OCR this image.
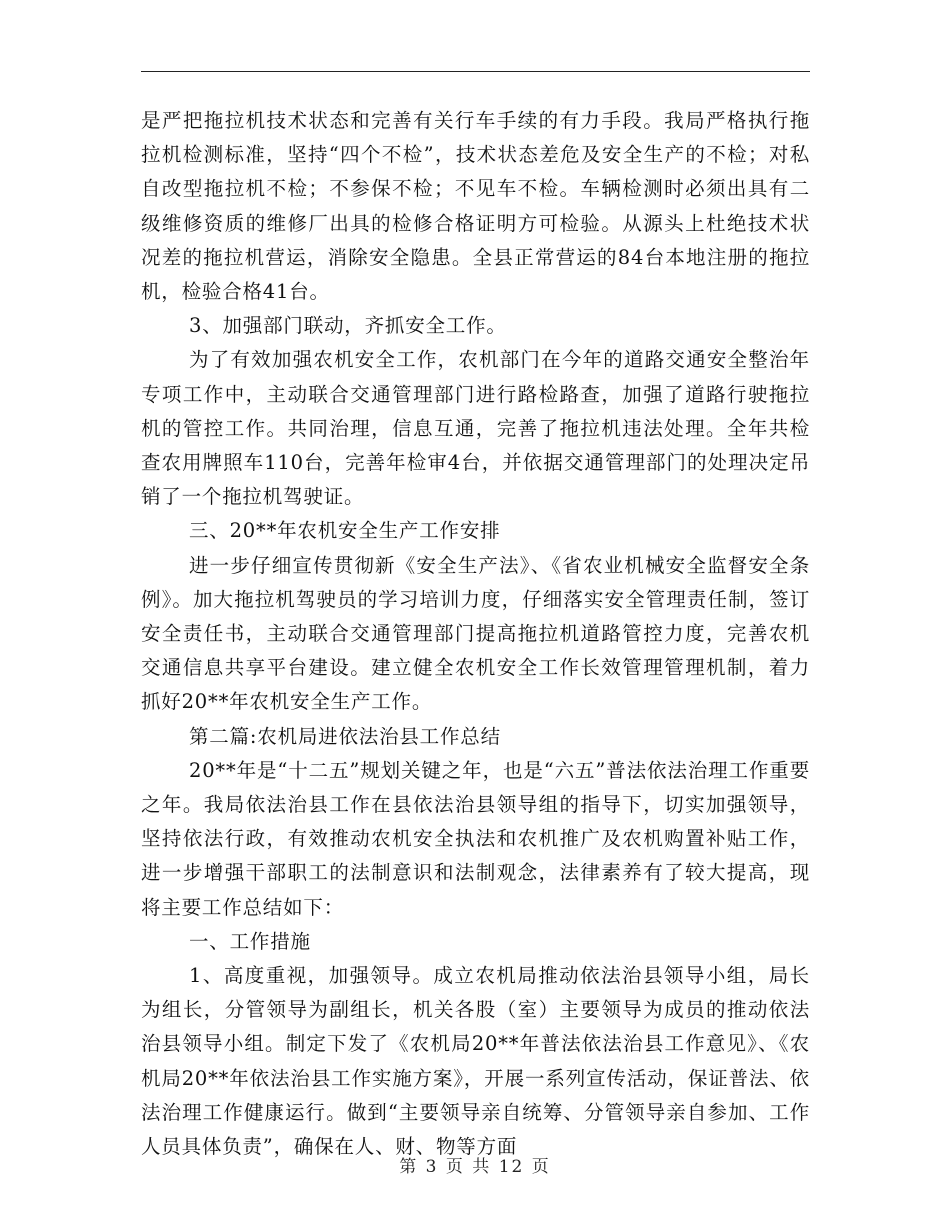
是严把拖拉机技术状态和完善有关行车手续的有力手段。我局严格执行拖拉机检测标准，坚持“四个不检”，技术状态差危及安全生产的不检；对私自改型拖拉机不检；不参保不检；不见车不检。车辆检测时必须出具有二级维修资质的维修厂出具的检修合格证明方可检验。从源头上杜绝技术状况差的拖拉机营运，消除安全隐患。全县正常营运的84台本地注册的拖拉机，检验合格41台。

3、加强部门联动，齐抓安全工作。

为了有效加强农机安全工作，农机部门在今年的道路交通安全整治年专项工作中，主动联合交通管理部门进行路检路查，加强了道路行驶拖拉机的管控工作。共同治理，信息互通，完善了拖拉机违法处理。全年共检查农用牌照车110台，完善年检审4台，并依据交通管理部门的处理决定吊销了一个拖拉机驾驶证。

三、20**年农机安全生产工作安排

进一步仔细宣传贯彻新《安全生产法》、《省农业机械安全监督安全条例》。加大拖拉机驾驶员的学习培训力度，仔细落实安全管理责任制，签订安全责任书，主动联合交通管理部门提高拖拉机道路管控力度，完善农机交通信息共享平台建设。建立健全农机安全工作长效管理管理机制，着力抓好20**年农机安全生产工作。

第二篇:农机局进依法治县工作总结

20**年是“十二五”规划关键之年，也是“六五”普法依法治理工作重要之年。我局依法治县工作在县依法治县领导组的指导下，切实加强领导，坚持依法行政，有效推动农机安全执法和农机推广及农机购置补贴工作，进一步增强干部职工的法制意识和法制观念，法律素养有了较大提高，现将主要工作总结如下：

一、工作措施

1、高度重视，加强领导。成立农机局推动依法治县领导小组，局长为组长，分管领导为副组长，机关各股（室）主要领导为成员的推动依法治县领导小组。制定下发了《农机局20**年普法依法治县工作意见》、《农机局20**年依法治县工作实施方案》，开展一系列宣传活动，保证普法、依法治理工作健康运行。做到“主要领导亲自统筹、分管领导亲自参加、工作人员具体负责”，确保在人、财、物等方面

第 3 页 共 12 页
